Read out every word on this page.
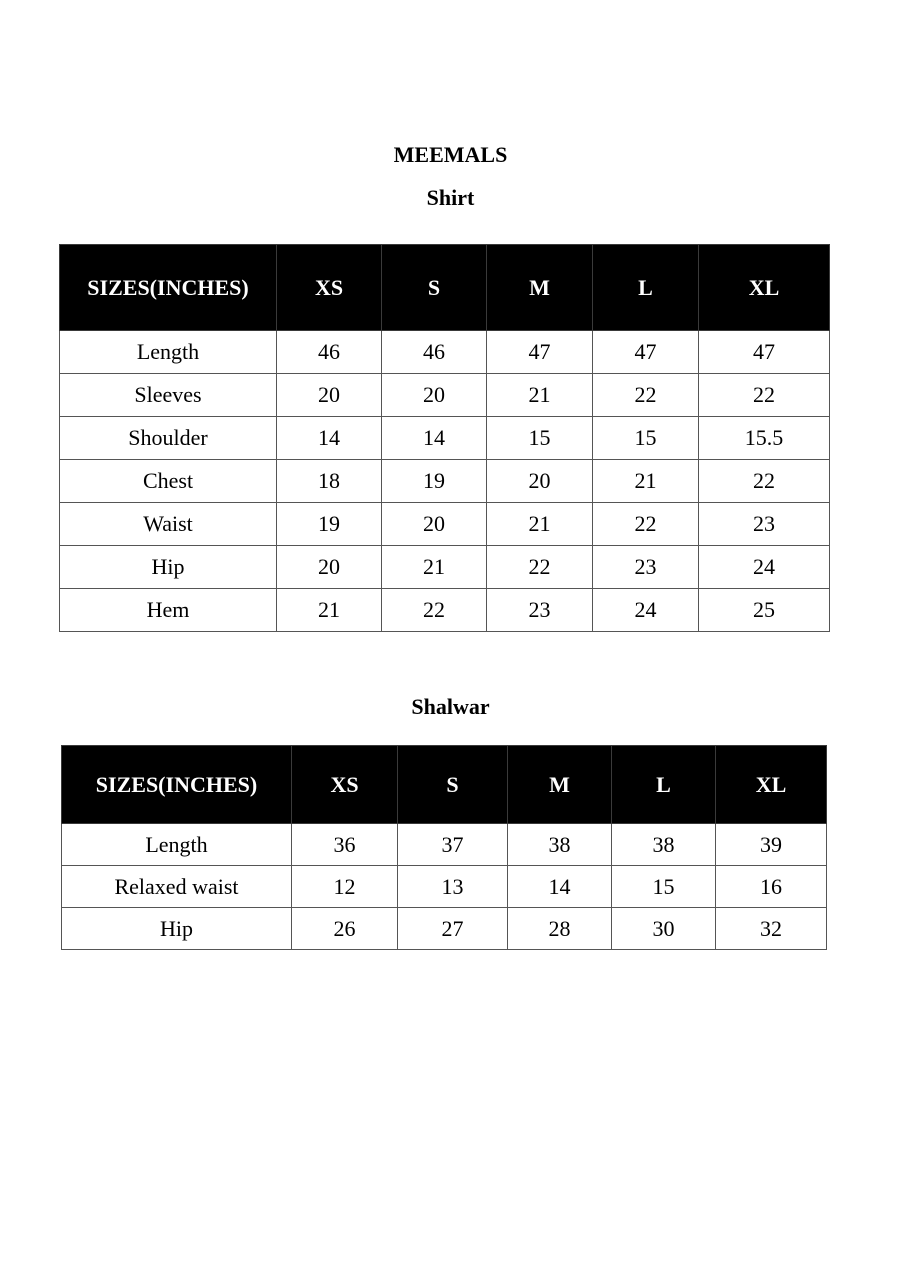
MEEMALS
Shirt
SIZES(INCHES)	XS	S	M	L	XL
Length	46	46	47	47	47
Sleeves	20	20	21	22	22
Shoulder	14	14	15	15	15.5
Chest	18	19	20	21	22
Waist	19	20	21	22	23
Hip	20	21	22	23	24
Hem	21	22	23	24	25
Shalwar
SIZES(INCHES)	XS	S	M	L	XL
Length	36	37	38	38	39
Relaxed waist	12	13	14	15	16
Hip	26	27	28	30	32
